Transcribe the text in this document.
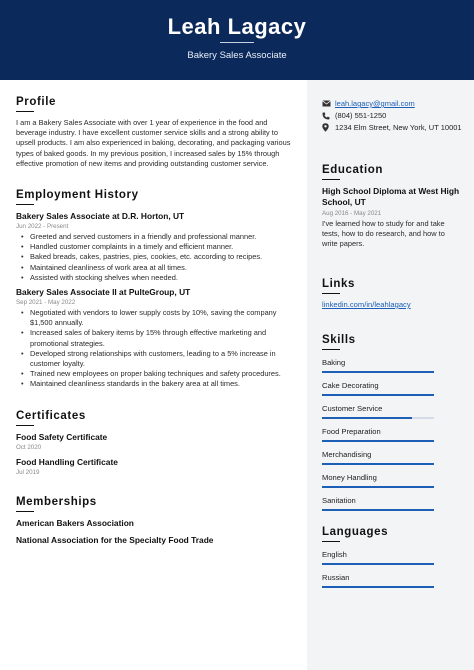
Leah Lagacy
Bakery Sales Associate
Profile
I am a Bakery Sales Associate with over 1 year of experience in the food and beverage industry. I have excellent customer service skills and a strong ability to upsell products. I am also experienced in baking, decorating, and packaging various types of baked goods. In my previous position, I increased sales by 15% through effective promotion of new items and providing outstanding customer service.
Employment History
Bakery Sales Associate at D.R. Horton, UT
Jun 2022 - Present
• Greeted and served customers in a friendly and professional manner.
• Handled customer complaints in a timely and efficient manner.
• Baked breads, cakes, pastries, pies, cookies, etc. according to recipes.
• Maintained cleanliness of work area at all times.
• Assisted with stocking shelves when needed.
Bakery Sales Associate II at PulteGroup, UT
Sep 2021 - May 2022
• Negotiated with vendors to lower supply costs by 10%, saving the company $1,500 annually.
• Increased sales of bakery items by 15% through effective marketing and promotional strategies.
• Developed strong relationships with customers, leading to a 5% increase in customer loyalty.
• Trained new employees on proper baking techniques and safety procedures.
• Maintained cleanliness standards in the bakery area at all times.
Certificates
Food Safety Certificate
Oct 2020
Food Handling Certificate
Jul 2019
Memberships
American Bakers Association
National Association for the Specialty Food Trade
leah.lagacy@gmail.com
(804) 551-1250
1234 Elm Street, New York, UT 10001
Education
High School Diploma at West High School, UT
Aug 2016 - May 2021
I've learned how to study for and take tests, how to do research, and how to write papers.
Links
linkedin.com/in/leahlagacy
Skills
Baking
Cake Decorating
Customer Service
Food Preparation
Merchandising
Money Handling
Sanitation
Languages
English
Russian
